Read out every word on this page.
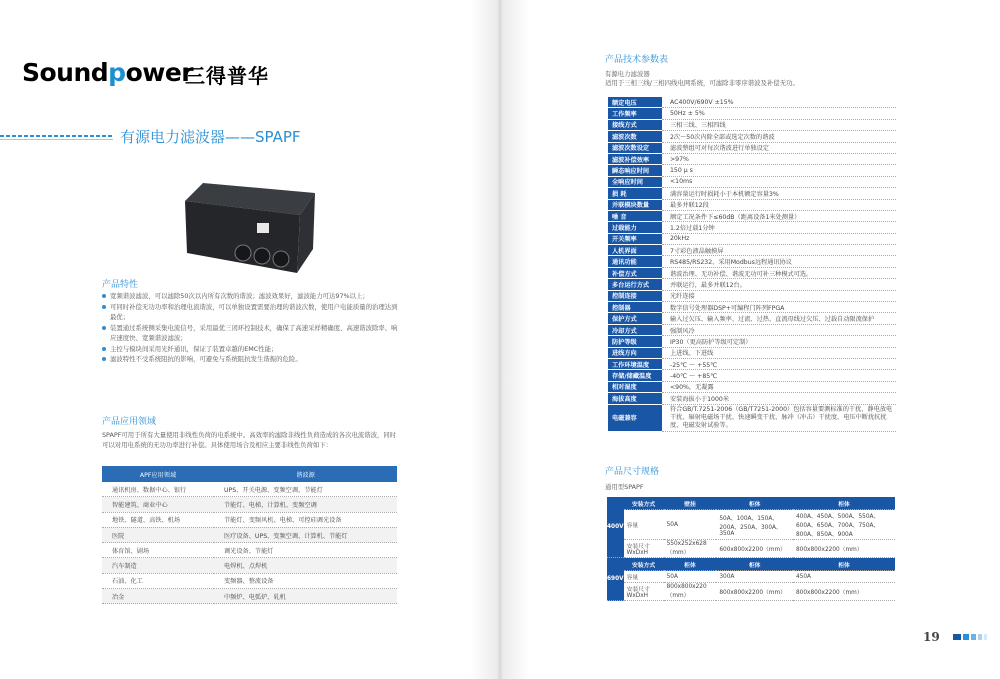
Soundpower
三得普华
有源电力滤波器——SPAPF
产品特性
宽频谐波滤波，可以滤除50次以内所有次数的谐波；滤波效果好，滤波能力可达97%以上；
可同时补偿无功功率和治理电流谐波，可以单独设置需要治理的谐波次数，使用户电能质量的治理达到最优；
装置通过系统侧采集电流信号，采用最优三闭环控制技术，确保了高速采样精确度、高速谐波除率、响应速度快、宽频谐波滤波；
主控与模块间采用光纤通讯，保证了装置卓越的EMC性能；
滤波特性不受系统阻抗的影响，可避免与系统阻抗发生谐振的危险。
产品应用领域
SPAPF可用于所有大量使用非线性负荷的电系统中。高效率的滤除非线性负荷造成的各次电流谐波，同时可以对用电系统的无功功率进行补偿。具体使用场合及相应主要非线性负荷如下：
APF应用领域	谐波源
通讯机房、数据中心、银行	UPS、开关电源、变频空调、节能灯
智能建筑、商业中心	节能灯、电梯、计算机、变频空调
地铁、隧道、高铁、机场	节能灯、变频风机、电梯、可控硅调光设备
医院	医疗设备、UPS、变频空调、计算机、节能灯
体育馆、剧场	调光设备、节能灯
汽车制造	电焊机、点焊机
石油、化工	变频器、整流设备
冶金	中频炉、电弧炉、轧机
产品技术参数表
有源电力滤波器
适用于三相三线/三相四线电网系统，可滤除非零序谐波及补偿无功。
额定电压	AC400V/690V ±15%
工作频率	50Hz ± 5%
接线方式	三相三线、三相四线
滤波次数	2次～50次内除全部或选定次数的谐波
滤波次数设定	滤波整组可对每次谐波进行单独设定
滤波补偿效率	>97%
瞬态响应时间	150 μ s
全响应时间	<10ms
损 耗	满容量运行时损耗小于本机额定容量3%
并联模块数量	最多并联12段
噪 音	额定工况条件下≤60dB（距离设备1米处测量）
过载能力	1.2倍过载1分钟
开关频率	20kHz
人机界面	7寸彩色液晶触摸屏
通讯功能	RS485/RS232、采用Modbus远程通讯协议
补偿方式	谐波治理、无功补偿、谐波无功可补三种模式可选。
多台运行方式	并联运行，最多并联12台。
控制连接	光纤连接
控制器	数字信号处理器DSP+可编程门阵列FPGA
保护方式	输入过欠压、输入频率、过流、过热、直流母线过欠压、过载自动限流保护
冷却方式	强制风冷
防护等级	IP30（更高防护等级可定制）
进线方向	上进线、下进线
工作环境温度	-25℃ ～ +55℃
存储/储藏温度	-40℃ ～ +85℃
相对湿度	<90%，无凝露
海拔高度	安装海拔小于1000米
电磁兼容	符合GB/T.7251-2006（GB/T7251-2000）包括容量要测标准的干扰、静电放电干扰、辐射电磁场干扰、快速瞬变干扰、脉冲（冲击）干扰度、电压中断扰抗扰度、电磁发射试验等。
产品尺寸规格
通用型SPAPF
400V	安装方式	壁挂	柜体	柜体
	容量	50A	50A、100A、150A、200A、250A、300A、350A	400A、450A、500A、550A、600A、650A、700A、750A、800A、850A、900A
	安装尺寸WxDxH	550x252x628（mm）	600x800x2200（mm）	800x800x2200（mm）
690V	安装方式	柜体	柜体	柜体
	容量	50A	300A	450A
	安装尺寸WxDxH	800x800x220（mm）	800x800x2200（mm）	800x800x2200（mm）
19
